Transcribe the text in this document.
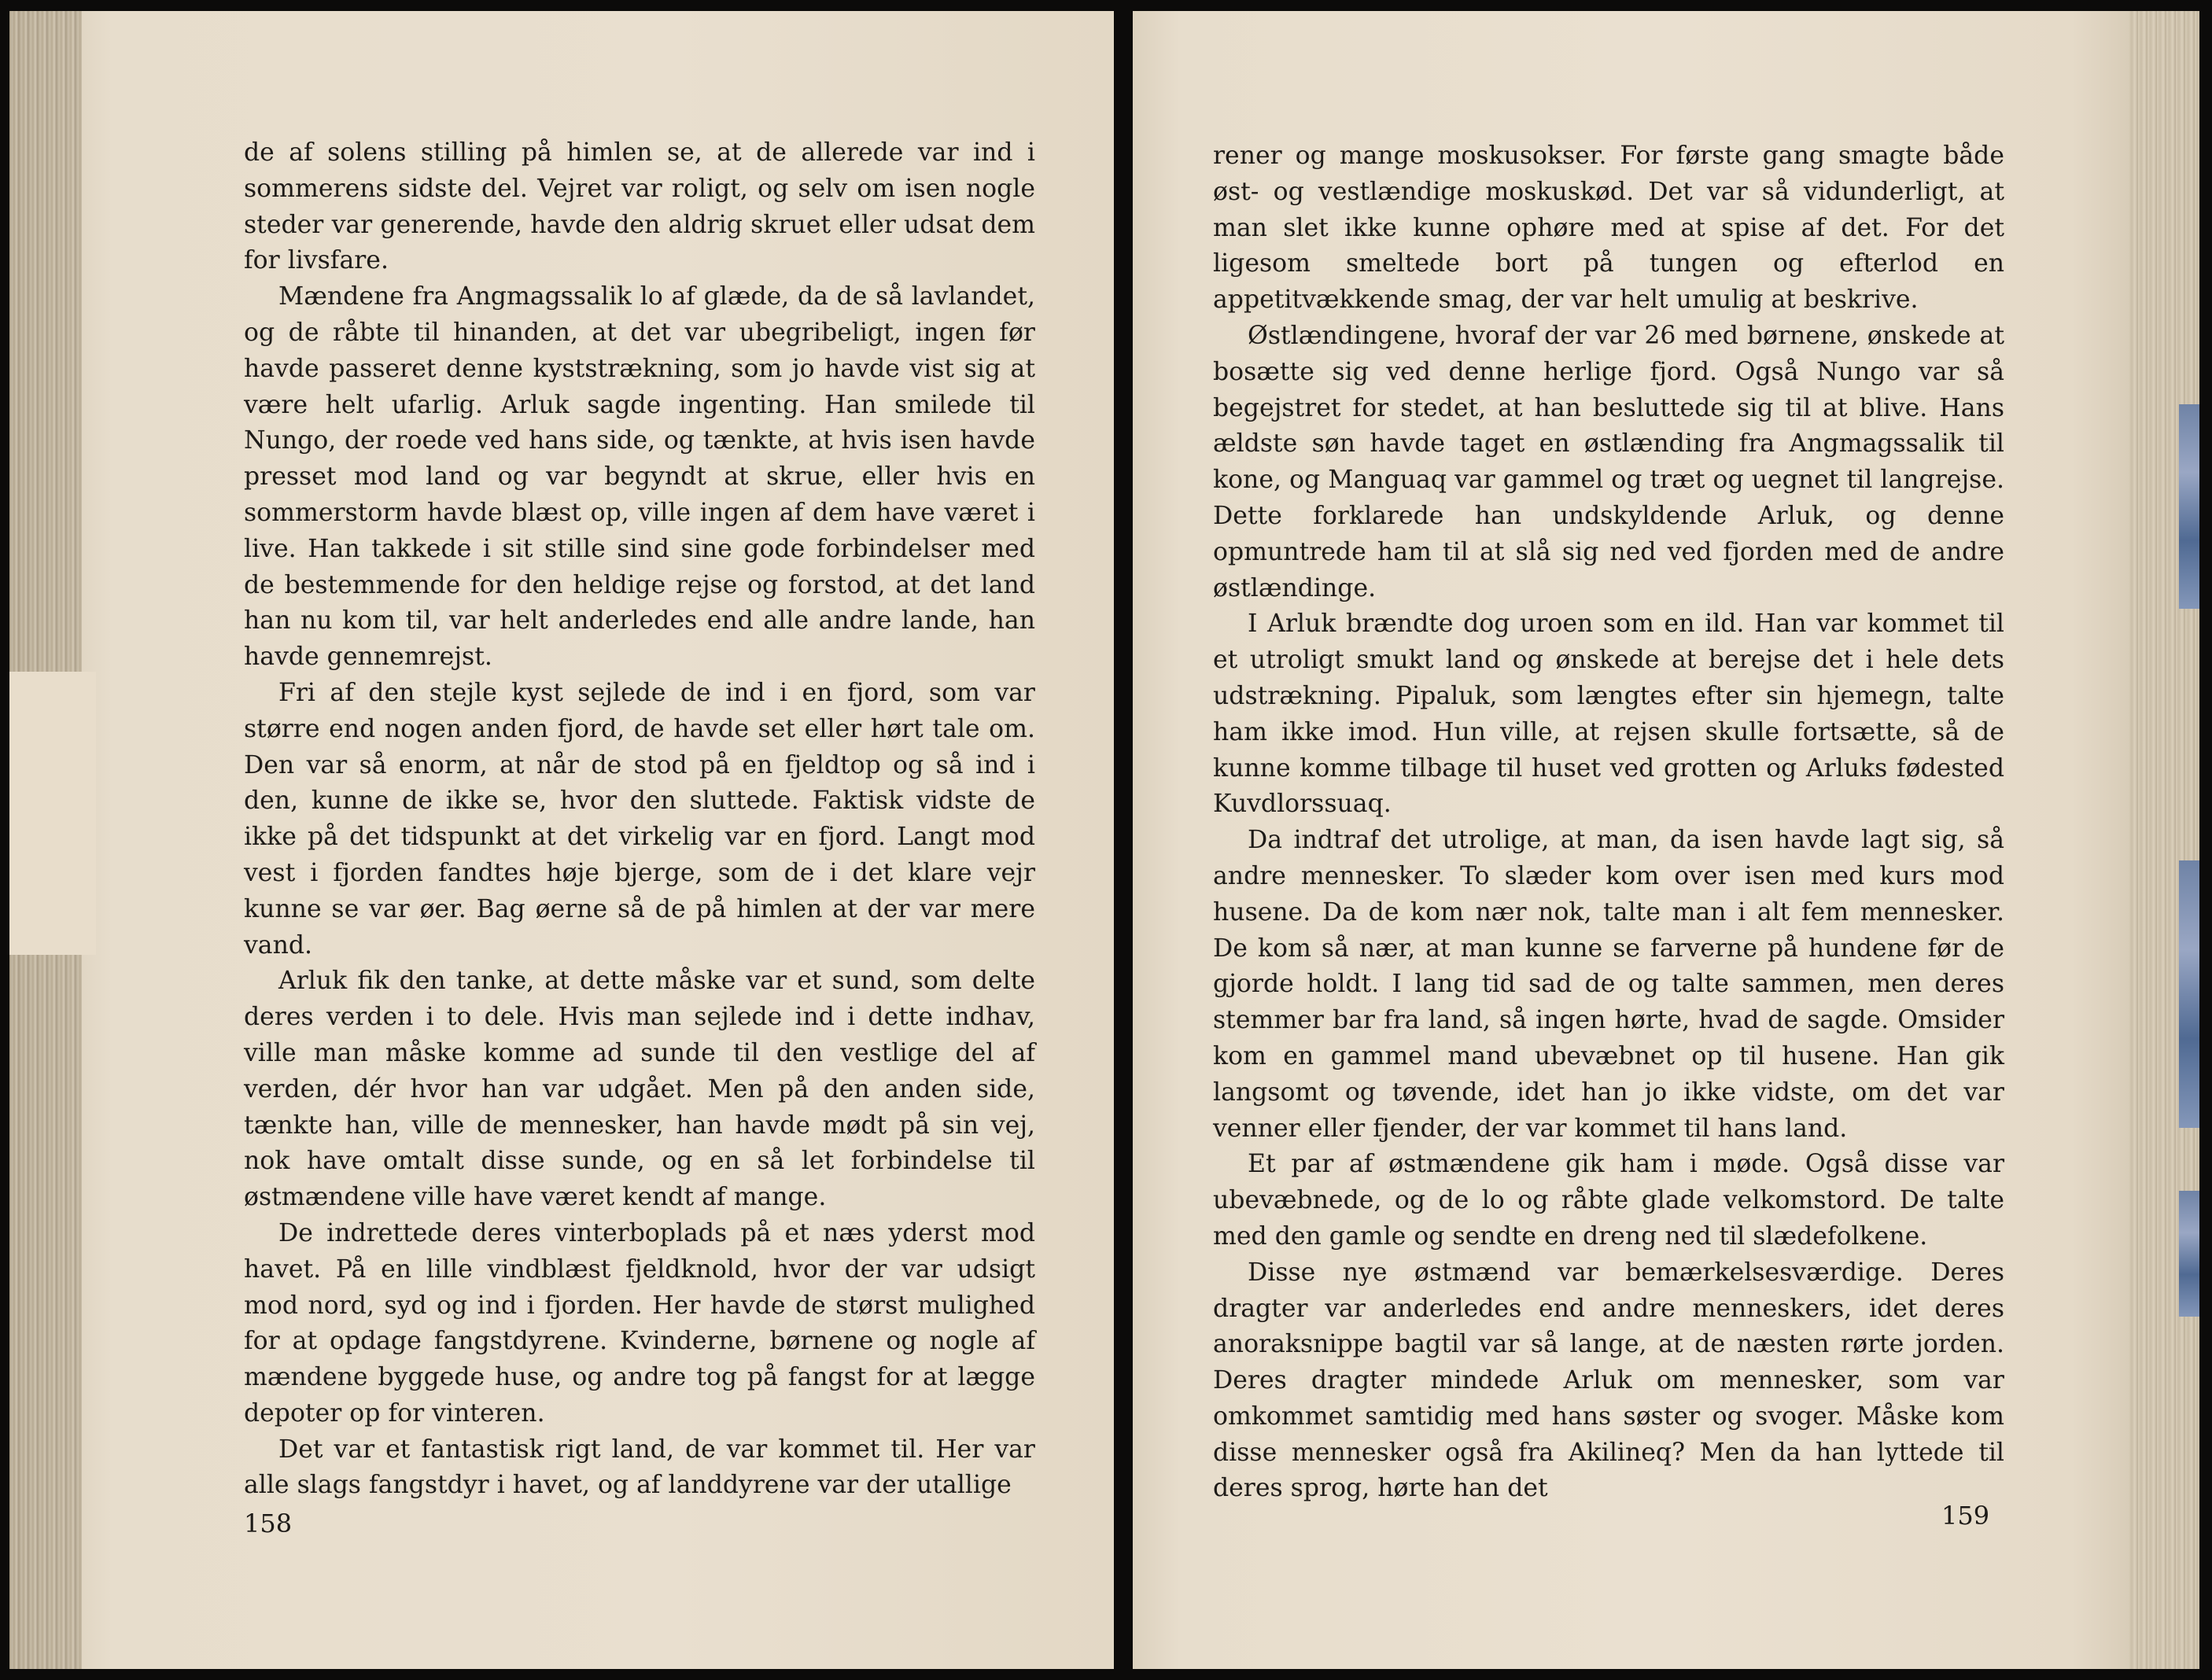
de af solens stilling på himlen se, at de allerede var ind i sommerens sidste del. Vejret var roligt, og selv om isen nogle steder var generende, havde den aldrig skruet eller udsat dem for livsfare.

Mændene fra Angmagssalik lo af glæde, da de så lavlandet, og de råbte til hinanden, at det var ubegribeligt, ingen før havde passeret denne kyststrækning, som jo havde vist sig at være helt ufarlig. Arluk sagde ingenting. Han smilede til Nungo, der roede ved hans side, og tænkte, at hvis isen havde presset mod land og var begyndt at skrue, eller hvis en sommerstorm havde blæst op, ville ingen af dem have været i live. Han takkede i sit stille sind sine gode forbindelser med de bestemmende for den heldige rejse og forstod, at det land han nu kom til, var helt anderledes end alle andre lande, han havde gennemrejst.

Fri af den stejle kyst sejlede de ind i en fjord, som var større end nogen anden fjord, de havde set eller hørt tale om. Den var så enorm, at når de stod på en fjeldtop og så ind i den, kunne de ikke se, hvor den sluttede. Faktisk vidste de ikke på det tidspunkt at det virkelig var en fjord. Langt mod vest i fjorden fandtes høje bjerge, som de i det klare vejr kunne se var øer. Bag øerne så de på himlen at der var mere vand.

Arluk fik den tanke, at dette måske var et sund, som delte deres verden i to dele. Hvis man sejlede ind i dette indhav, ville man måske komme ad sunde til den vestlige del af verden, dér hvor han var udgået. Men på den anden side, tænkte han, ville de mennesker, han havde mødt på sin vej, nok have omtalt disse sunde, og en så let forbindelse til østmændene ville have været kendt af mange.

De indrettede deres vinterboplads på et næs yderst mod havet. På en lille vindblæst fjeldknold, hvor der var udsigt mod nord, syd og ind i fjorden. Her havde de størst mulighed for at opdage fangstdyrene. Kvinderne, børnene og nogle af mændene byggede huse, og andre tog på fangst for at lægge depoter op for vinteren.

Det var et fantastisk rigt land, de var kommet til. Her var alle slags fangstdyr i havet, og af landdyrene var der utallige

158

rener og mange moskusokser. For første gang smagte både øst- og vestlændige moskuskød. Det var så vidunderligt, at man slet ikke kunne ophøre med at spise af det. For det ligesom smeltede bort på tungen og efterlod en appetitvækkende smag, der var helt umulig at beskrive.

Østlændingene, hvoraf der var 26 med børnene, ønskede at bosætte sig ved denne herlige fjord. Også Nungo var så begejstret for stedet, at han besluttede sig til at blive. Hans ældste søn havde taget en østlænding fra Angmagssalik til kone, og Manguaq var gammel og træt og uegnet til langrejse. Dette forklarede han undskyldende Arluk, og denne opmuntrede ham til at slå sig ned ved fjorden med de andre østlændinge.

I Arluk brændte dog uroen som en ild. Han var kommet til et utroligt smukt land og ønskede at berejse det i hele dets udstrækning. Pipaluk, som længtes efter sin hjemegn, talte ham ikke imod. Hun ville, at rejsen skulle fortsætte, så de kunne komme tilbage til huset ved grotten og Arluks fødested Kuvdlorssuaq.

Da indtraf det utrolige, at man, da isen havde lagt sig, så andre mennesker. To slæder kom over isen med kurs mod husene. Da de kom nær nok, talte man i alt fem mennesker. De kom så nær, at man kunne se farverne på hundene før de gjorde holdt. I lang tid sad de og talte sammen, men deres stemmer bar fra land, så ingen hørte, hvad de sagde. Omsider kom en gammel mand ubevæbnet op til husene. Han gik langsomt og tøvende, idet han jo ikke vidste, om det var venner eller fjender, der var kommet til hans land.

Et par af østmændene gik ham i møde. Også disse var ubevæbnede, og de lo og råbte glade velkomstord. De talte med den gamle og sendte en dreng ned til slædefolkene.

Disse nye østmænd var bemærkelsesværdige. Deres dragter var anderledes end andre menneskers, idet deres anoraksnippe bagtil var så lange, at de næsten rørte jorden. Deres dragter mindede Arluk om mennesker, som var omkommet samtidig med hans søster og svoger. Måske kom disse mennesker også fra Akilineq? Men da han lyttede til deres sprog, hørte han det

159
